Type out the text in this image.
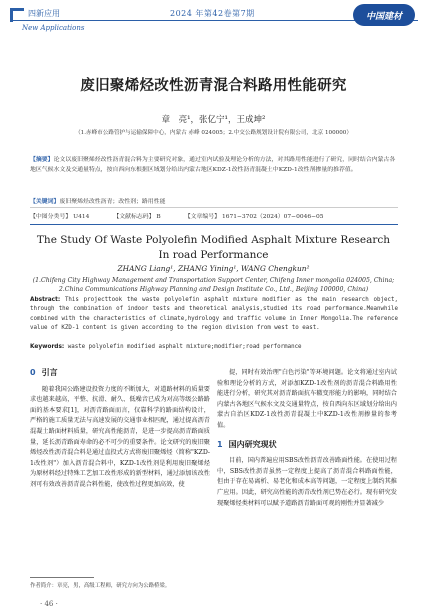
四新应用
New Applications
2024 年第42卷第7期	中国建材
废旧聚烯烃改性沥青混合料路用性能研究
章　亮¹，张亿宁¹，王成坤²
（1.赤峰市公路管护与运输保障中心，内蒙古 赤峰 024005；2.中交公路规划设计院有限公司，北京 100000）
【摘要】论文以废旧聚烯烃改性沥青混合料为主要研究对象，通过室内试验及理论分析的方法，对其路用性能进行了研究，同时结合内蒙古各地区气候水文及交通量特点，按自西向东根据区域划分给出内蒙古地区KDZ-1改性沥青混凝土中KZD-1改性剂掺量的推荐值。
【关键词】废旧聚烯烃改性沥青；改性剂；路用性能
【中图分类号】 U414	【文献标志码】 B	【文章编号】 1671−3702（2024）07−0046−05
The Study Of Waste Polyolefin Modified Asphalt Mixture Research
In road Performance
ZHANG Liang¹, ZHANG Yining¹, WANG Chengkun²
(1.Chifeng City Highway Management and Transportation Support Center, Chifeng Inner mongolia 024005, China;
2.China Communications Highway Planning and Design Institute Co., Ltd., Beijing 100000, China)
Abstract: This projecttook the waste polyolefin asphalt mixture modifier as the main research object, through the combination of indoor tests and theoretical analysis,studied its road performance.Meanwhile combined with the characteristics of climate,hydrology and traffic volume in Inner Mongolia.The reference value of KZD-1 content is given according to the region division from west to east.
Keywords: waste polyolefin modified asphalt mixture;modifier;road performance
0 引言
随着我国公路建设投资力度的不断加大，对道路材料的质量要求也越来越高，平整、抗滑、耐久、低噪音已成为对高等级公路路面的基本要求[1]，对沥青路面而言，仅靠科学的路面结构设计，严格的施工质量无法与高速发展的交通事业相匹配，通过提高沥青混凝土路面材料质量，研究高性能沥青，是进一步提高沥青路面质量，延长沥青路面寿命的必不可少的重要条件。论文研究的废旧聚烯烃改性沥青混合料是通过直投式方式将废旧聚烯烃（简称"KZD-1改性剂"）加入沥青混合料中，KZD-1改性剂是利用废旧聚烯烃为原材料经过特殊工艺加工改性形成的新型材料，通过添加该改性剂可有效改善沥青混合料性能，使改性过程更加高效，使
提，同时有效治理"白色污染"等环境问题。论文将通过室内试验和理论分析的方式，对添加KZD-1改性剂的沥青混合料路用性能进行分析，研究其对沥青路面抗车辙变形能力的影响，同时结合内蒙古各地区气候水文及交通量特点，按自西向东区域划分给出内蒙古自治区KDZ-1改性沥青混凝土中KZD-1改性剂掺量的参考值。
1 国内研究现状
目前，国内普遍应用SBS改性沥青改善路面性能。在使用过程中，SBS改性沥青虽然一定程度上提高了沥青混合料路面性能，但由于存在易离析、易老化和成本高等问题，一定程度上制约其推广应用。因此，研究高性能的沥青改性剂已势在必行。现有研究发现聚烯烃类材料可以赋予道路沥青路面可观的刚性并显著减少
作者简介：章亮，男，高级工程师，研究方向为公路桥梁。
· 46 ·
